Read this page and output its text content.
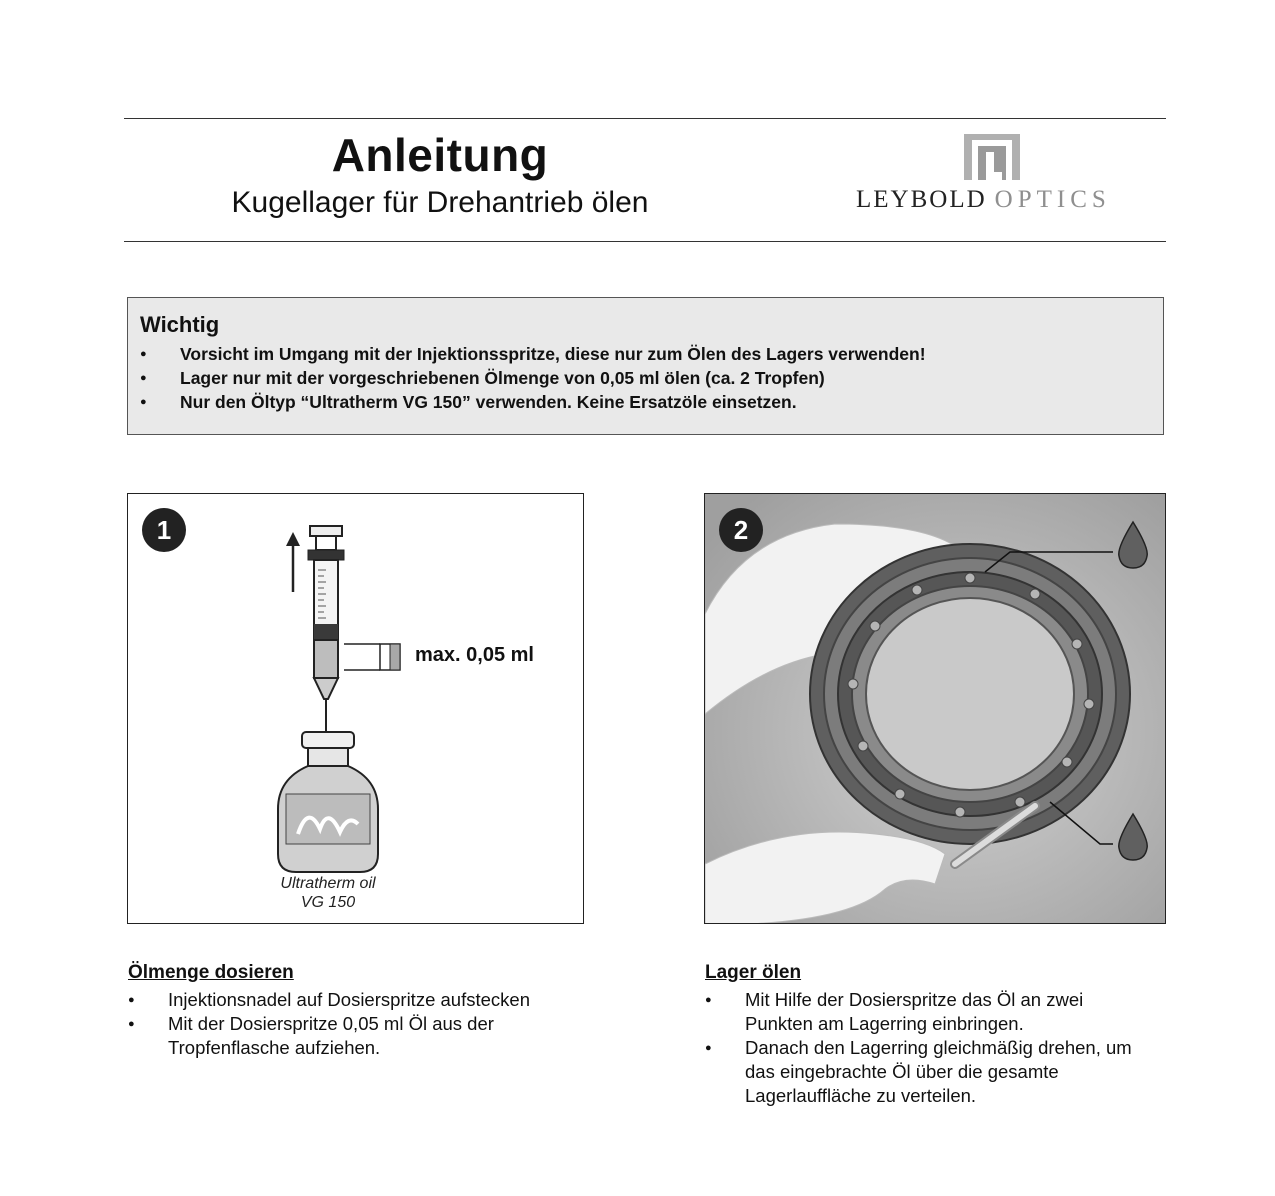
Anleitung
Kugellager für Drehantrieb ölen	LEYBOLD OPTICS
Wichtig
● Vorsicht im Umgang mit der Injektionsspritze, diese nur zum Ölen des Lagers verwenden!
● Lager nur mit der vorgeschriebenen Ölmenge von 0,05 ml ölen (ca. 2 Tropfen)
● Nur den Öltyp “Ultratherm VG 150” verwenden. Keine Ersatzöle einsetzen.
1
max. 0,05 ml
Ultratherm oil
VG 150
2
Ölmenge dosieren
● Injektionsnadel auf Dosierspritze aufstecken
● Mit der Dosierspritze 0,05 ml Öl aus der Tropfenflasche aufziehen.
Lager ölen
● Mit Hilfe der Dosierspritze das Öl an zwei Punkten am Lagerring einbringen.
● Danach den Lagerring gleichmäßig drehen, um das eingebrachte Öl über die gesamte Lagerlauffläche zu verteilen.
